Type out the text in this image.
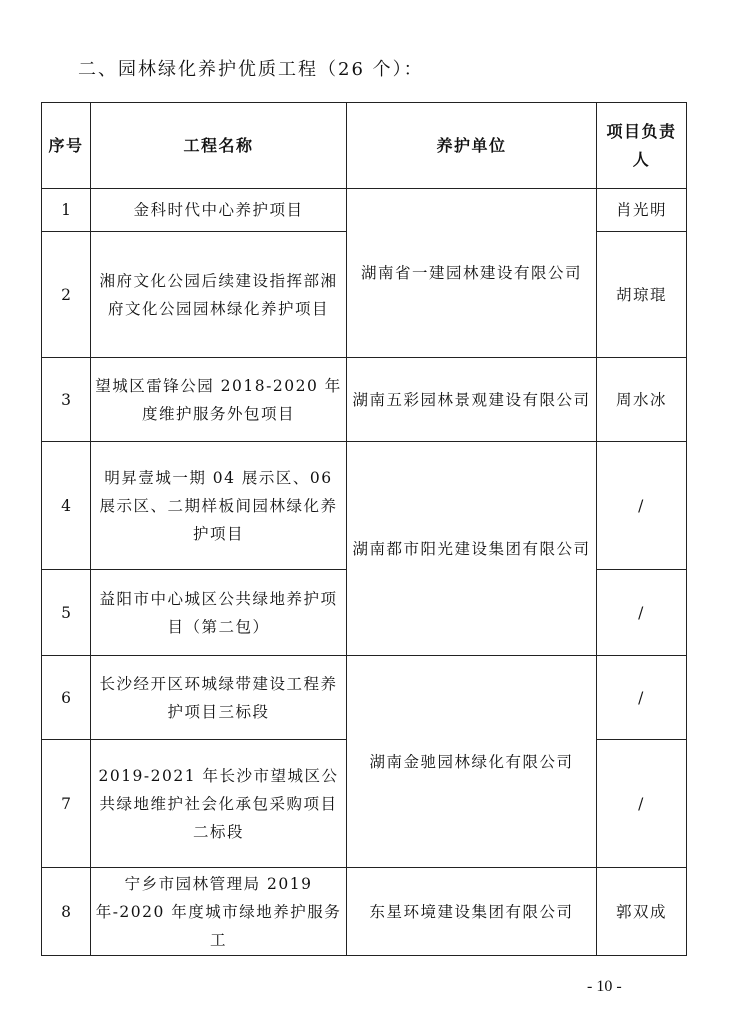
二、园林绿化养护优质工程（26 个）：
序号	工程名称	养护单位	项目负责人
1	金科时代中心养护项目	湖南省一建园林建设有限公司	肖光明
2	湘府文化公园后续建设指挥部湘府文化公园园林绿化养护项目		胡琼琨
3	望城区雷锋公园 2018-2020 年度维护服务外包项目	湖南五彩园林景观建设有限公司	周水冰
4	明昇壹城一期 04 展示区、06 展示区、二期样板间园林绿化养护项目	湖南都市阳光建设集团有限公司	/
5	益阳市中心城区公共绿地养护项目（第二包）		/
6	长沙经开区环城绿带建设工程养护项目三标段	湖南金驰园林绿化有限公司	/
7	2019-2021 年长沙市望城区公共绿地维护社会化承包采购项目二标段		/
8	宁乡市园林管理局 2019 年-2020 年度城市绿地养护服务工	东星环境建设集团有限公司	郭双成
- 10 -
